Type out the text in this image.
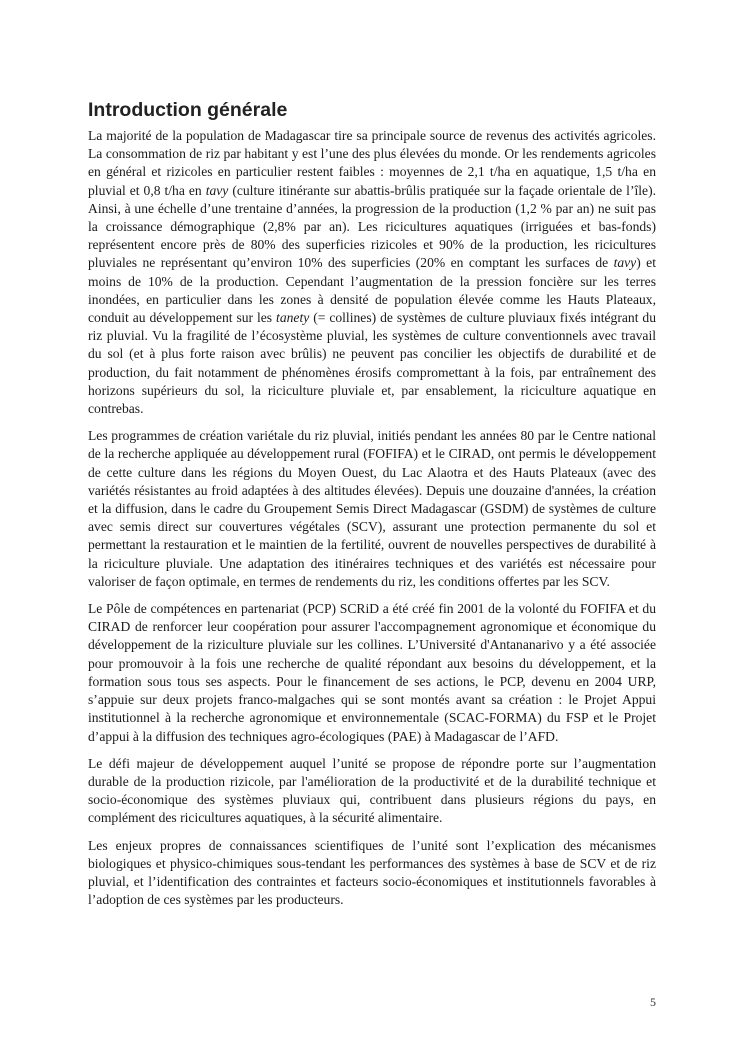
Introduction générale

La majorité de la population de Madagascar tire sa principale source de revenus des activités agricoles. La consommation de riz par habitant y est l’une des plus élevées du monde. Or les rendements agricoles en général et rizicoles en particulier restent faibles : moyennes de 2,1 t/ha en aquatique, 1,5 t/ha en pluvial et 0,8 t/ha en tavy (culture itinérante sur abattis-brûlis pratiquée sur la façade orientale de l’île). Ainsi, à une échelle d’une trentaine d’années, la progression de la production (1,2 % par an) ne suit pas la croissance démographique (2,8% par an). Les ricicultures aquatiques (irriguées et bas-fonds) représentent encore près de 80% des superficies rizicoles et 90% de la production, les ricicultures pluviales ne représentant qu’environ 10% des superficies (20% en comptant les surfaces de tavy) et moins de 10% de la production. Cependant l’augmentation de la pression foncière sur les terres inondées, en particulier dans les zones à densité de population élevée comme les Hauts Plateaux, conduit au développement sur les tanety (= collines) de systèmes de culture pluviaux fixés intégrant du riz pluvial. Vu la fragilité de l’écosystème pluvial, les systèmes de culture conventionnels avec travail du sol (et à plus forte raison avec brûlis) ne peuvent pas concilier les objectifs de durabilité et de production, du fait notamment de phénomènes érosifs compromettant à la fois, par entraînement des horizons supérieurs du sol, la riciculture pluviale et, par ensablement, la riciculture aquatique en contrebas.

Les programmes de création variétale du riz pluvial, initiés pendant les années 80 par le Centre national de la recherche appliquée au développement rural (FOFIFA) et le CIRAD, ont permis le développement de cette culture dans les régions du Moyen Ouest, du Lac Alaotra et des Hauts Plateaux (avec des variétés résistantes au froid adaptées à des altitudes élevées). Depuis une douzaine d'années, la création et la diffusion, dans le cadre du Groupement Semis Direct Madagascar (GSDM) de systèmes de culture avec semis direct sur couvertures végétales (SCV), assurant une protection permanente du sol et permettant la restauration et le maintien de la fertilité, ouvrent de nouvelles perspectives de durabilité à la riciculture pluviale. Une adaptation des itinéraires techniques et des variétés est nécessaire pour valoriser de façon optimale, en termes de rendements du riz, les conditions offertes par les SCV.

Le Pôle de compétences en partenariat (PCP) SCRiD a été créé fin 2001 de la volonté du FOFIFA et du CIRAD de renforcer leur coopération pour assurer l'accompagnement agronomique et économique du développement de la riziculture pluviale sur les collines. L’Université d'Antananarivo y a été associée pour promouvoir à la fois une recherche de qualité répondant aux besoins du développement, et la formation sous tous ses aspects. Pour le financement de ses actions, le PCP, devenu en 2004 URP, s’appuie sur deux projets franco-malgaches qui se sont montés avant sa création : le Projet Appui institutionnel à la recherche agronomique et environnementale (SCAC-FORMA) du FSP et le Projet d’appui à la diffusion des techniques agro-écologiques (PAE) à Madagascar de l’AFD.

Le défi majeur de développement auquel l’unité se propose de répondre porte sur l’augmentation durable de la production rizicole, par l'amélioration de la productivité et de la durabilité technique et socio-économique des systèmes pluviaux qui, contribuent dans plusieurs régions du pays, en complément des ricicultures aquatiques, à la sécurité alimentaire.

Les enjeux propres de connaissances scientifiques de l’unité sont l’explication des mécanismes biologiques et physico-chimiques sous-tendant les performances des systèmes à base de SCV et de riz pluvial, et l’identification des contraintes et facteurs socio-économiques et institutionnels favorables à l’adoption de ces systèmes par les producteurs.

5
